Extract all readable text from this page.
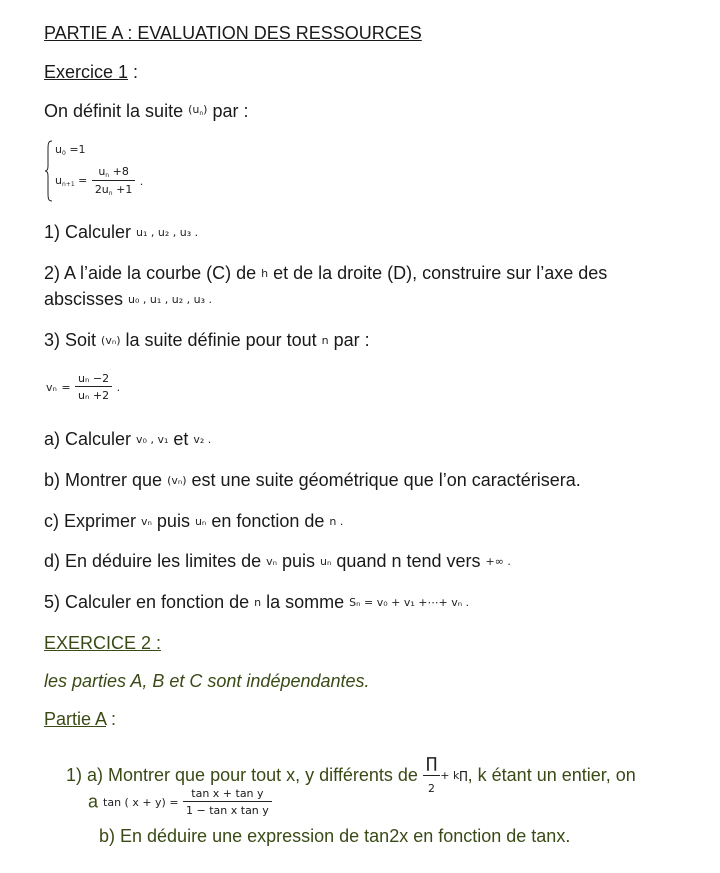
PARTIE A : EVALUATION DES RESSOURCES
Exercice 1 :
On définit la suite $(u_n)$ par :
$u_0 =1$
$u_{n+1} = \frac{u_n +8}{2u_n +1}$ .
1) Calculer u₁ , u₂ , u₃ .
2) A l’aide la courbe (C) de h et de la droite (D), construire sur l’axe des
abscisses u₀ , u₁ , u₂ , u₃ .
3) Soit (vₙ) la suite définie pour tout n par :
$v_n = \frac{\text{uₙ −2}}{\text{uₙ +2}}$ .
a) Calculer v₀ , v₁ et v₂ .
b) Montrer que (vₙ) est une suite géométrique que l’on caractérisera.
c) Exprimer vₙ puis uₙ en fonction de n .
d) En déduire les limites de vₙ puis uₙ quand n tend vers +∞ .
5) Calculer en fonction de n la somme Sₙ = v₀ + v₁ +⋯+ vₙ .
EXERCICE 2 :
les parties A, B et C sont indépendantes.
Partie A :
1) a) Montrer que pour tout x, y différents de $\frac{\prod}{2}$ + k∏, k étant un entier, on
a tan ( $x + y) = \frac{\text{tan x + tan y}}{\text{1 − tan x tan y}}$
b) En déduire une expression de tan2x en fonction de tanx.
